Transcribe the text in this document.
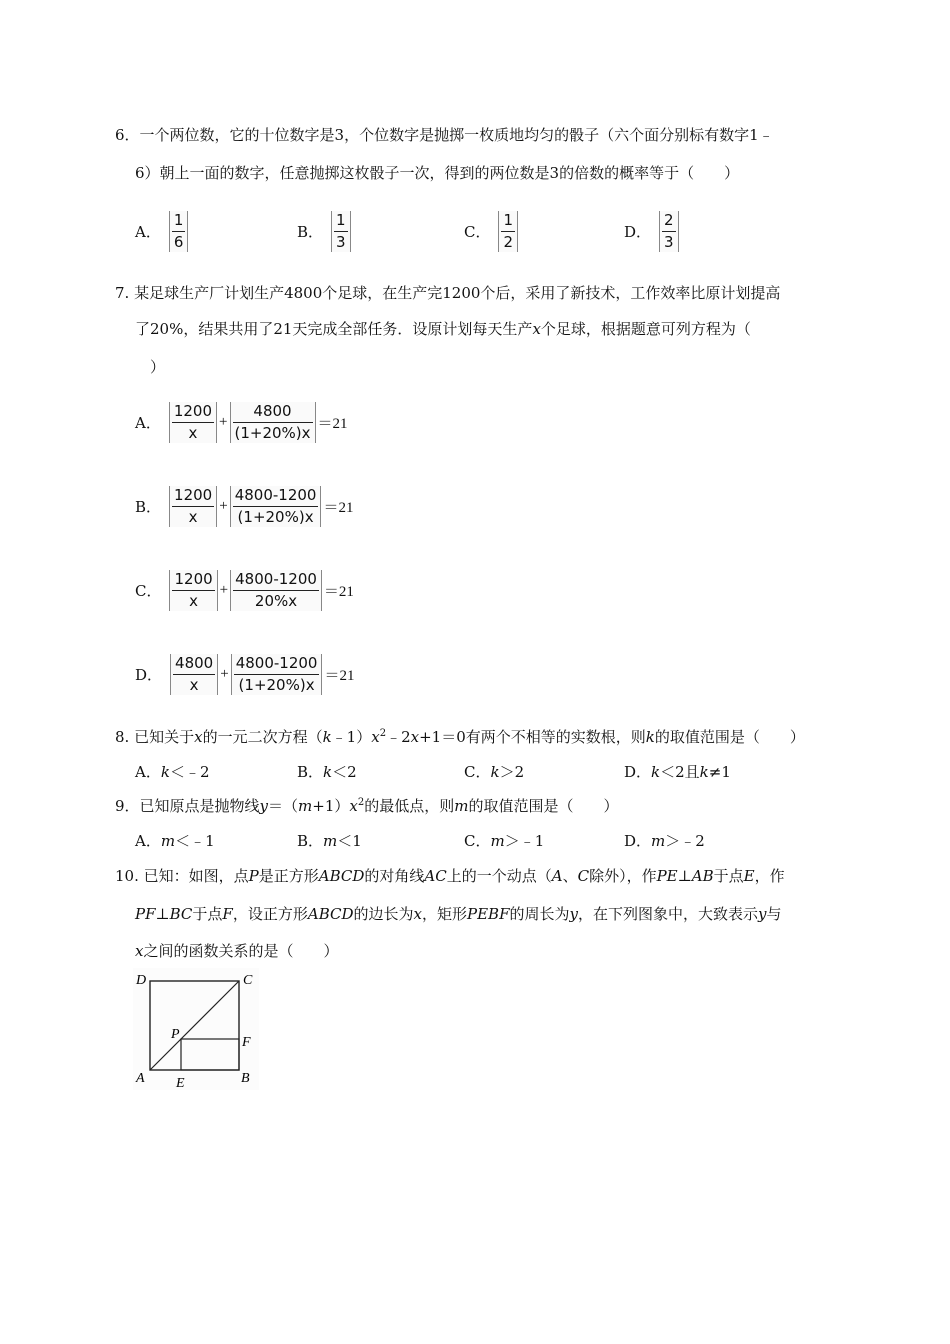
6．一个两位数，它的十位数字是3，个位数字是抛掷一枚质地均匀的骰子（六个面分别标有数字1﹣
6）朝上一面的数字，任意抛掷这枚骰子一次，得到的两位数是3的倍数的概率等于（　　）
A． $\frac{1}{6}$	B． $\frac{1}{3}$	C． $\frac{1}{2}$	D． $\frac{2}{3}$
7. 某足球生产厂计划生产4800个足球，在生产完1200个后，采用了新技术，工作效率比原计划提高
了20%，结果共用了21天完成全部任务．设原计划每天生产x个足球，根据题意可列方程为（
）
A． $\frac{1200}{x} + \frac{4800}{(1+20\%)x} =21$
B． $\frac{1200}{x} + \frac{4800-1200}{(1+20\%)x} =21$
C． $\frac{1200}{x} + \frac{4800-1200}{20\%x} =21$
D． $\frac{4800}{x} + \frac{4800-1200}{(1+20\%)x} =21$
8. 已知关于x的一元二次方程$(k﹣1)x^2﹣2x+1=0$有两个不相等的实数根，则k的取值范围是（　　）
A．k＜﹣2	B．k＜2	C．k＞2	D．k＜2且k≠1
9．已知原点是抛物线$y=(m+1)x^2$的最低点，则m的取值范围是（　　）
A．m＜﹣1	B．m＜1	C．m＞﹣1	D．m＞﹣2
10. 已知：如图，点P是正方形ABCD的对角线AC上的一个动点（A、C除外），作PE⊥AB于点E，作
PF⊥BC于点F，设正方形ABCD的边长为x，矩形PEBF的周长为y，在下列图象中，大致表示y与
x之间的函数关系的是（　　）
D	C
P
F
A E	B
